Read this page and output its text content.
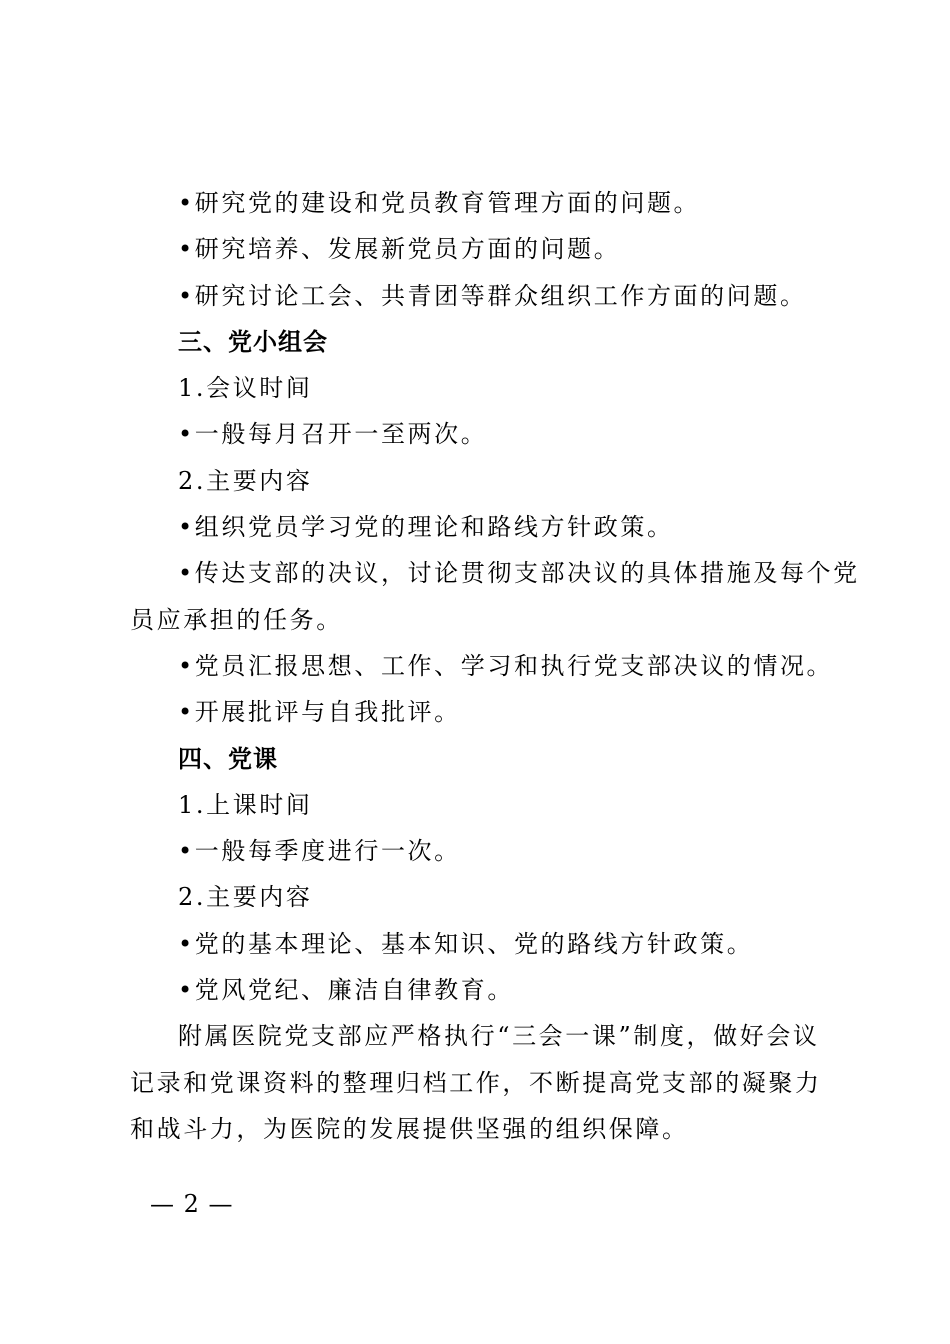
•研究党的建设和党员教育管理方面的问题。

•研究培养、发展新党员方面的问题。

•研究讨论工会、共青团等群众组织工作方面的问题。

三、党小组会

1.会议时间

•一般每月召开一至两次。

2.主要内容

•组织党员学习党的理论和路线方针政策。

•传达支部的决议，讨论贯彻支部决议的具体措施及每个党

员应承担的任务。

•党员汇报思想、工作、学习和执行党支部决议的情况。

•开展批评与自我批评。

四、党课

1.上课时间

•一般每季度进行一次。

2.主要内容

•党的基本理论、基本知识、党的路线方针政策。

•党风党纪、廉洁自律教育。

附属医院党支部应严格执行“三会一课”制度，做好会议记录和党课资料的整理归档工作，不断提高党支部的凝聚力和战斗力，为医院的发展提供坚强的组织保障。

— 2 —
